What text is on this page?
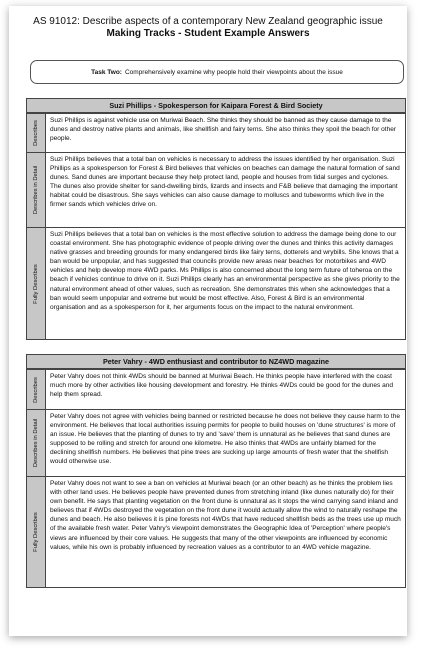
AS 91012: Describe aspects of a contemporary New Zealand geographic issue
Making Tracks - Student Example Answers
Task Two: Comprehensively examine why people hold their viewpoints about the issue
Suzi Phillips - Spokesperson for Kaipara Forest & Bird Society
Describes	Suzi Phillips is against vehicle use on Muriwai Beach. She thinks they should be banned as they cause damage to the dunes and destroy native plants and animals, like shellfish and fairy terns. She also thinks they spoil the beach for other people.
Describes in Detail
Suzi Phillips believes that a total ban on vehicles is necessary to address the issues identified by her organisation. Suzi Phillips as a spokesperson for Forest & Bird believes that vehicles on beaches can damage the natural formation of sand dunes. Sand dunes are important because they help protect land, people and houses from tidal surges and cyclones. The dunes also provide shelter for sand-dwelling birds, lizards and insects and F&B believe that damaging the important habitat could be disastrous. She says vehicles can also cause damage to molluscs and tubeworms which live in the firmer sands which vehicles drive on.
Fully Describes
Suzi Phillips believes that a total ban on vehicles is the most effective solution to address the damage being done to our coastal environment. She has photographic evidence of people driving over the dunes and thinks this activity damages native grasses and breeding grounds for many endangered birds like fairy terns, dotterels and wrybills. She knows that a ban would be unpopular, and has suggested that councils provide new areas near beaches for motorbikes and 4WD vehicles and help develop more 4WD parks. Ms Phillips is also concerned about the long term future of toheroa on the beach if vehicles continue to drive on it. Suzi Phillips clearly has an environmental perspective as she gives priority to the natural environment ahead of other values, such as recreation. She demonstrates this when she acknowledges that a ban would seem unpopular and extreme but would be most effective. Also, Forest & Bird is an environmental organisation and as a spokesperson for it, her arguments focus on the impact to the natural environment.
Peter Vahry - 4WD enthusiast and contributor to NZ4WD magazine
Describes
Peter Vahry does not think 4WDs should be banned at Muriwai Beach. He thinks people have interfered with the coast much more by other activities like housing development and forestry. He thinks 4WDs could be good for the dunes and help them spread.
Describes in Detail
Peter Vahry does not agree with vehicles being banned or restricted because he does not believe they cause harm to the environment. He believes that local authorities issuing permits for people to build houses on 'dune structures' is more of an issue. He believes that the planting of dunes to try and 'save' them is unnatural as he believes that sand dunes are supposed to be rolling and stretch for around one kilometre. He also thinks that 4WDs are unfairly blamed for the declining shellfish numbers. He believes that pine trees are sucking up large amounts of fresh water that the shellfish would otherwise use.
Fully Describes
Peter Vahry does not want to see a ban on vehicles at Muriwai beach (or an other beach) as he thinks the problem lies with other land uses. He believes people have prevented dunes from stretching inland (like dunes naturally do) for their own benefit. He says that planting vegetation on the front dune is unnatural as it stops the wind carrying sand inland and believes that if 4WDs destroyed the vegetation on the front dune it would actually allow the wind to naturally reshape the dunes and beach. He also believes it is pine forests not 4WDs that have reduced shellfish beds as the trees use up much of the available fresh water. Peter Vahry's viewpoint demonstrates the Geographic Idea of 'Perception' where people's views are influenced by their core values. He suggests that many of the other viewpoints are influenced by economic values, while his own is probably influenced by recreation values as a contributor to an 4WD vehicle magazine.
